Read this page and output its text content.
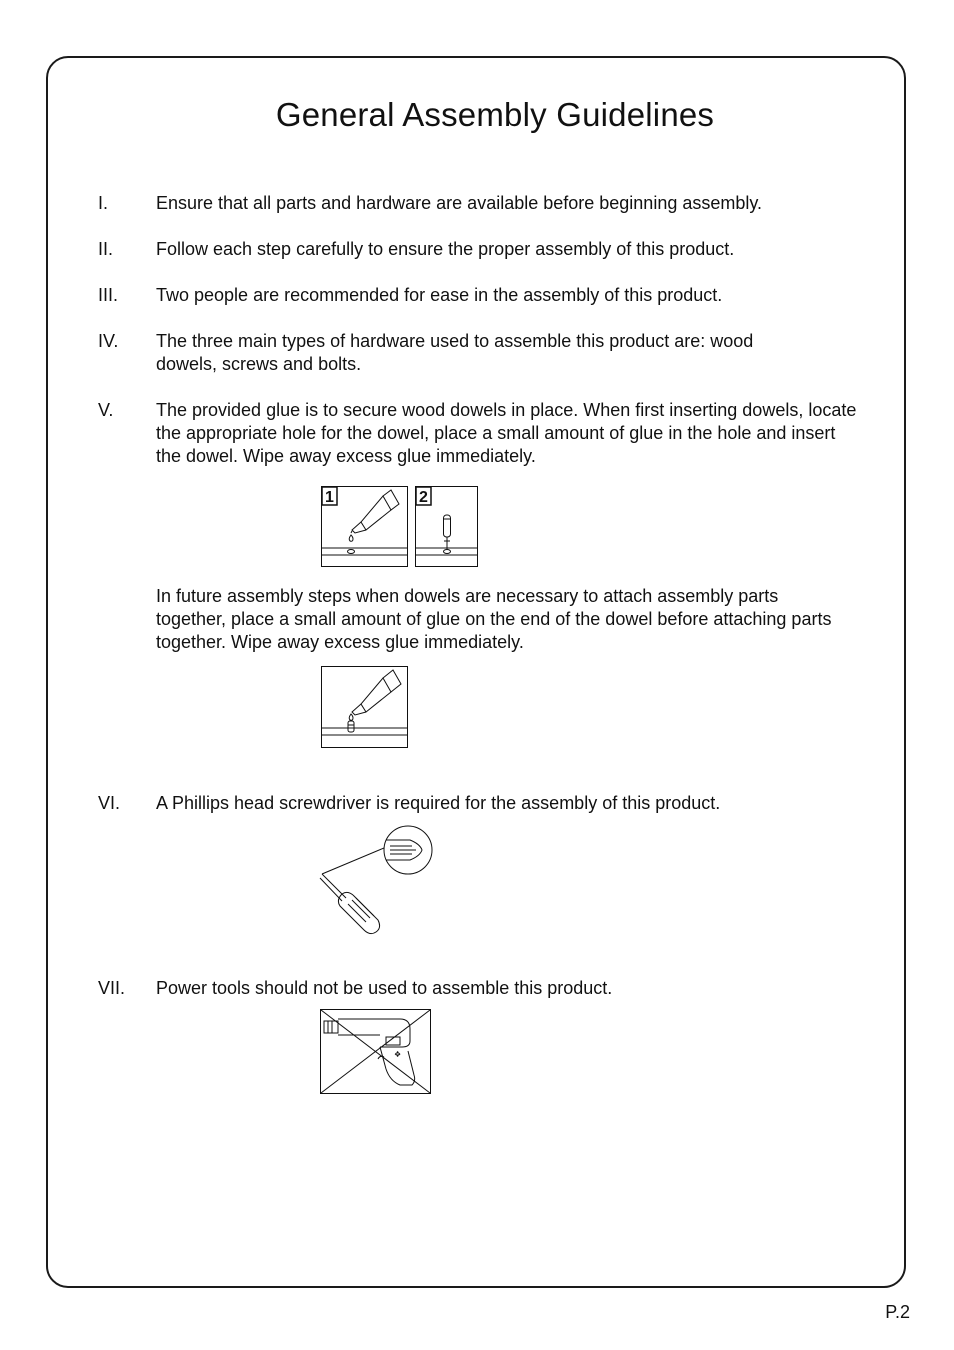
General Assembly Guidelines
I.	Ensure that all parts and hardware are available before beginning assembly.
II. Follow each step carefully to ensure the proper assembly of this product.
III. Two people are recommended for ease in the assembly of this product.
IV. The three main types of hardware used to assemble this product are: wood dowels, screws and bolts.
V. The provided glue is to secure wood dowels in place. When first inserting dowels, locate the appropriate hole for the dowel, place a small amount of glue in the hole and insert the dowel. Wipe away excess glue immediately.
1	2
In future assembly steps when dowels are necessary to attach assembly parts together, place a small amount of glue on the end of the dowel before attaching parts together. Wipe away excess glue immediately.
VI. A Phillips head screwdriver is required for the assembly of this product.
VII. Power tools should not be used to assemble this product.
❖
P.2
